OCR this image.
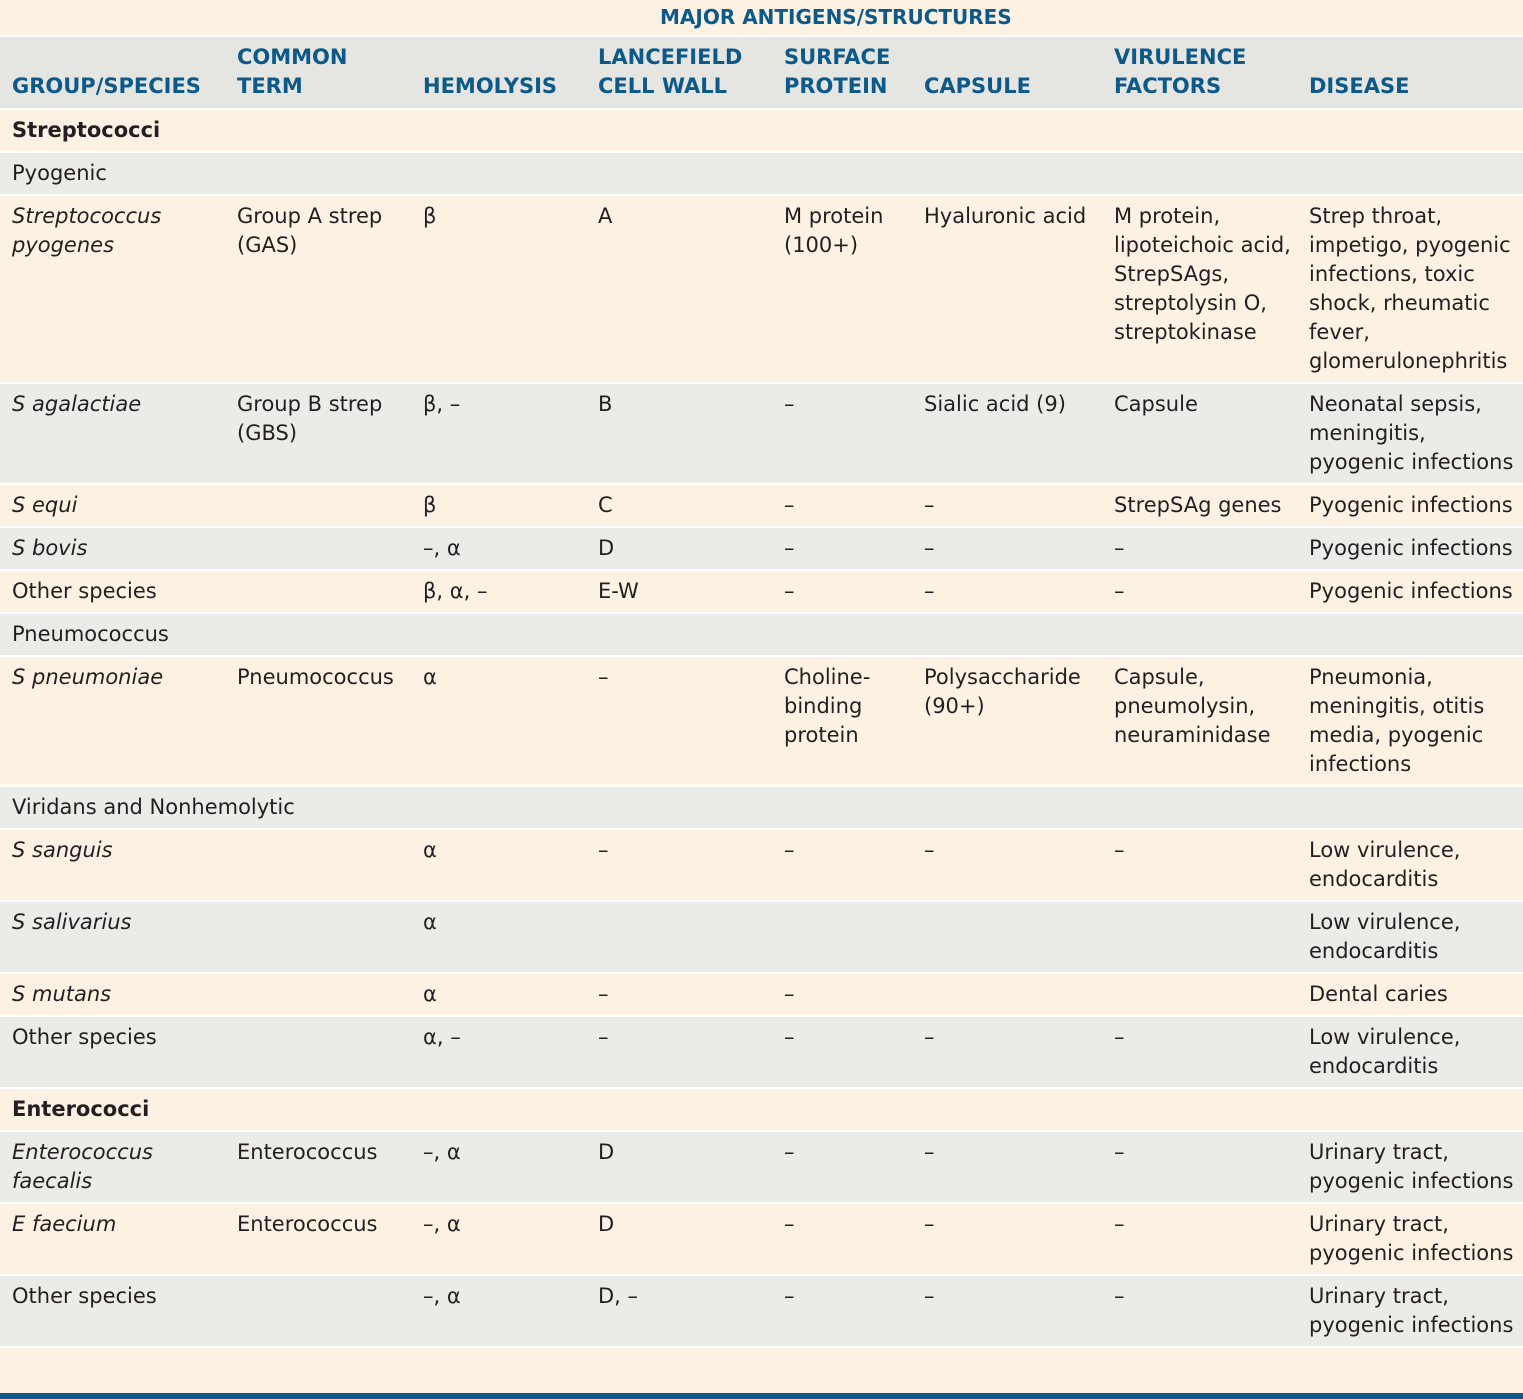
MAJOR ANTIGENS/STRUCTURES
GROUP/SPECIES	COMMON TERM	HEMOLYSIS	LANCEFIELD CELL WALL	SURFACE PROTEIN	CAPSULE	VIRULENCE FACTORS	DISEASE
Streptococci							
Pyogenic							
Streptococcus pyogenes	Group A strep (GAS)	β	A	M protein (100+)	Hyaluronic acid	M protein, lipoteichoic acid, StrepSAgs, streptolysin O, streptokinase	Strep throat, impetigo, pyogenic infections, toxic shock, rheumatic fever, glomerulonephritis
S agalactiae	Group B strep (GBS)	β, –	B	–	Sialic acid (9)	Capsule	Neonatal sepsis, meningitis, pyogenic infections
S equi		β	C	–	–	StrepSAg genes	Pyogenic infections
S bovis		–, α	D	–	–	–	Pyogenic infections
Other species		β, α, –	E-W	–	–	–	Pyogenic infections
Pneumococcus							
S pneumoniae	Pneumococcus	α	–	Choline-binding protein	Polysaccharide (90+)	Capsule, pneumolysin, neuraminidase	Pneumonia, meningitis, otitis media, pyogenic infections
Viridans and Nonhemolytic							
S sanguis		α	–	–	–	–	Low virulence, endocarditis
S salivarius		α					Low virulence, endocarditis
S mutans		α	–	–			Dental caries
Other species		α, –	–	–	–	–	Low virulence, endocarditis
Enterococci							
Enterococcus faecalis	Enterococcus	–, α	D	–	–	–	Urinary tract, pyogenic infections
E faecium	Enterococcus	–, α	D	–	–	–	Urinary tract, pyogenic infections
Other species		–, α	D, –	–	–	–	Urinary tract, pyogenic infections
